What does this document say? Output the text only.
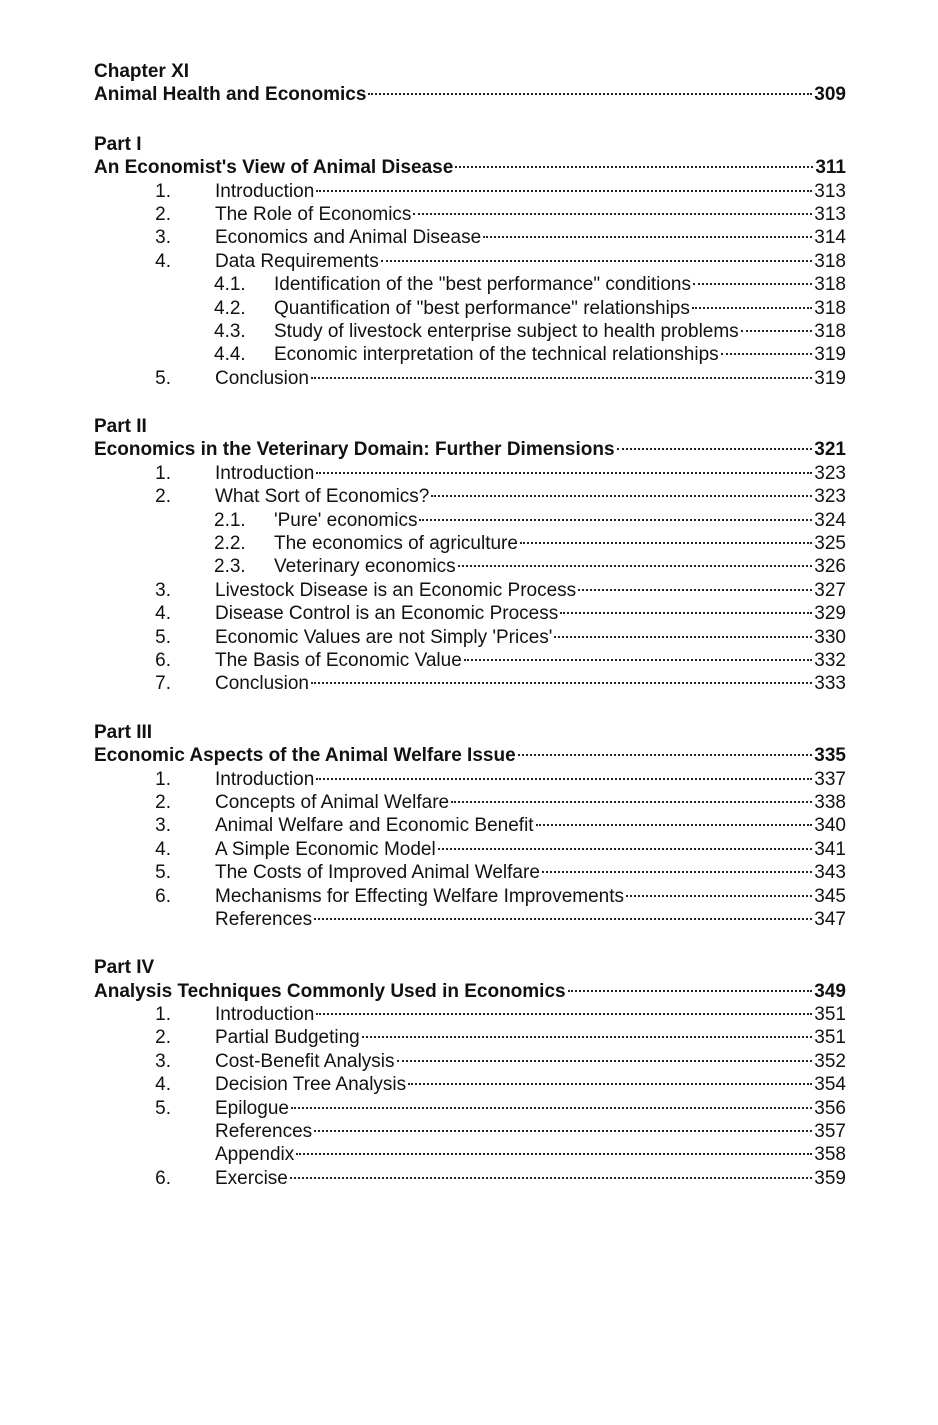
Chapter XI
Animal Health and Economics	309
Part I
An Economist's View of Animal Disease	311
1. Introduction	313
2. The Role of Economics	313
3. Economics and Animal Disease	314
4. Data Requirements	318
4.1. Identification of the "best performance" conditions	318
4.2. Quantification of "best performance" relationships	318
4.3. Study of livestock enterprise subject to health problems	318
4.4. Economic interpretation of the technical relationships	319
5. Conclusion	319
Part II
Economics in the Veterinary Domain: Further Dimensions	321
1. Introduction	323
2. What Sort of Economics?	323
2.1. 'Pure' economics	324
2.2. The economics of agriculture	325
2.3. Veterinary economics	326
3. Livestock Disease is an Economic Process	327
4. Disease Control is an Economic Process	329
5. Economic Values are not Simply 'Prices'	330
6. The Basis of Economic Value	332
7. Conclusion	333
Part III
Economic Aspects of the Animal Welfare Issue	335
1. Introduction	337
2. Concepts of Animal Welfare	338
3. Animal Welfare and Economic Benefit	340
4. A Simple Economic Model	341
5. The Costs of Improved Animal Welfare	343
6. Mechanisms for Effecting Welfare Improvements	345
References	347
Part IV
Analysis Techniques Commonly Used in Economics	349
1. Introduction	351
2. Partial Budgeting	351
3. Cost-Benefit Analysis	352
4. Decision Tree Analysis	354
5. Epilogue	356
References	357
Appendix	358
6. Exercise	359
